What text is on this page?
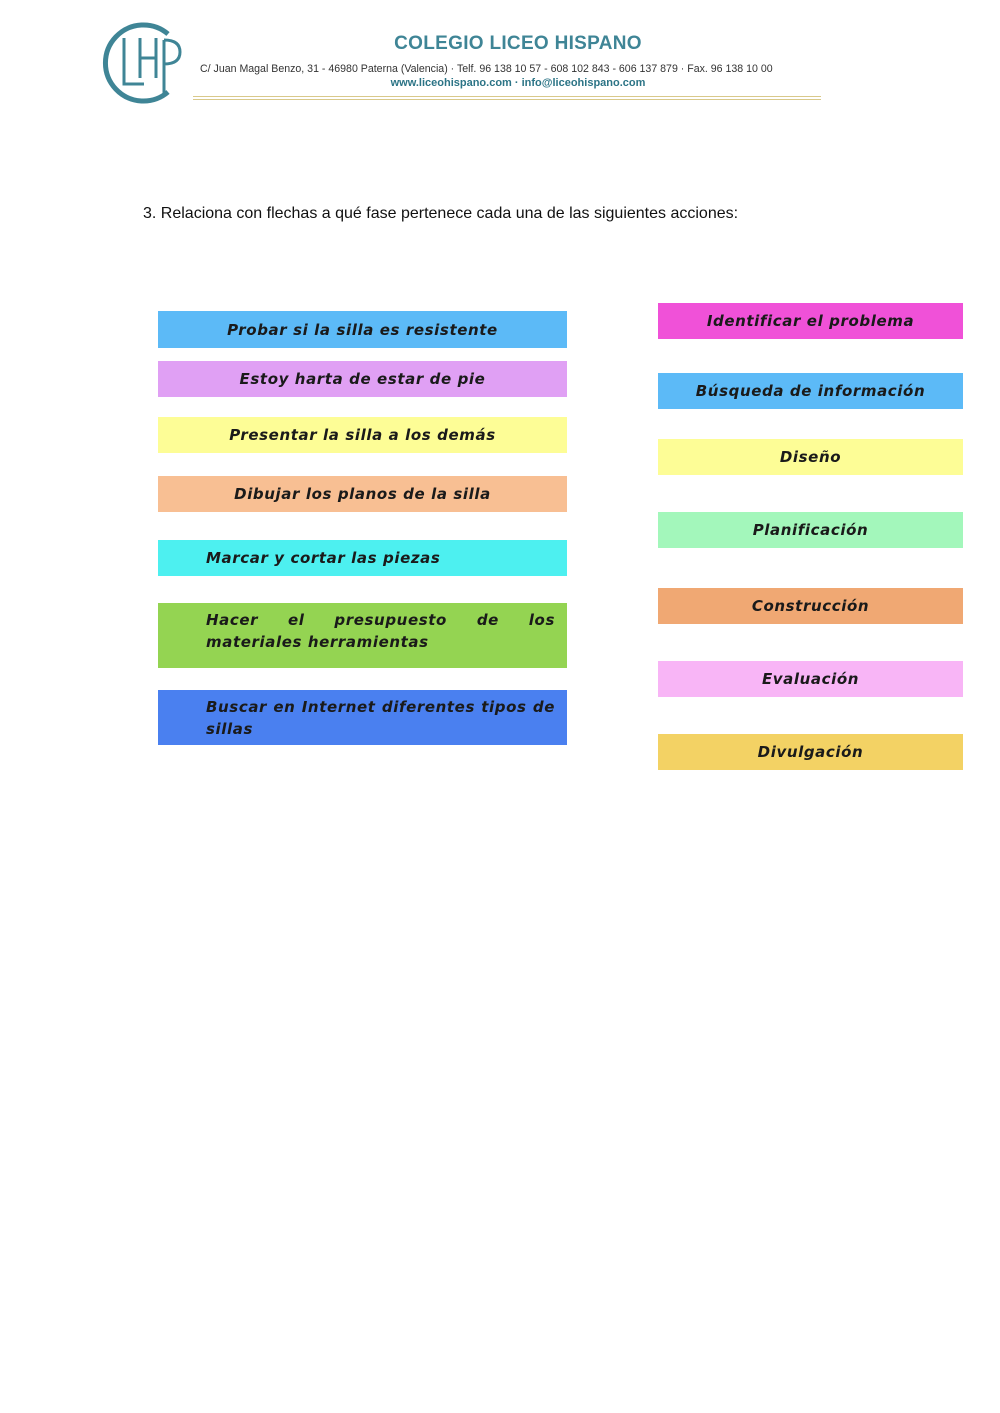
COLEGIO LICEO HISPANO
C/ Juan Magal Benzo, 31 - 46980 Paterna (Valencia) · Telf. 96 138 10 57 - 608 102 843 - 606 137 879 · Fax. 96 138 10 00
www.liceohispano.com · info@liceohispano.com
3. Relaciona con flechas a qué fase pertenece cada una de las siguientes acciones:
Probar si la silla es resistente
Estoy harta de estar de pie
Presentar la silla a los demás
Dibujar los planos de la silla
Marcar y cortar las piezas
Hacer el presupuesto de los materiales herramientas
Buscar en Internet diferentes tipos de sillas
Identificar el problema
Búsqueda de información
Diseño
Planificación
Construcción
Evaluación
Divulgación
